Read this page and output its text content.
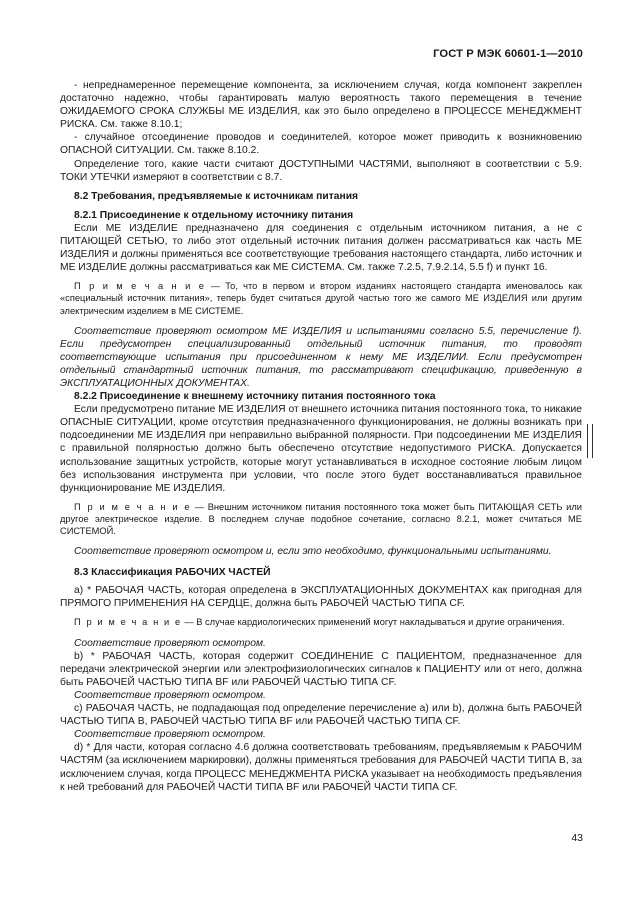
ГОСТ Р МЭК 60601-1—2010

- непреднамеренное перемещение компонента, за исключением случая, когда компонент закреплен достаточно надежно, чтобы гарантировать малую вероятность такого перемещения в течение ОЖИДАЕМОГО СРОКА СЛУЖБЫ МЕ ИЗДЕЛИЯ, как это было определено в ПРОЦЕССЕ МЕНЕДЖМЕНТ РИСКА. См. также 8.10.1;

- случайное отсоединение проводов и соединителей, которое может приводить к возникновению ОПАСНОЙ СИТУАЦИИ. См. также 8.10.2.

Определение того, какие части считают ДОСТУПНЫМИ ЧАСТЯМИ, выполняют в соответствии с 5.9. ТОКИ УТЕЧКИ измеряют в соответствии с 8.7.

8.2 Требования, предъявляемые к источникам питания

8.2.1 Присоединение к отдельному источнику питания

Если МЕ ИЗДЕЛИЕ предназначено для соединения с отдельным источником питания, а не с ПИТАЮЩЕЙ СЕТЬЮ, то либо этот отдельный источник питания должен рассматриваться как часть МЕ ИЗДЕЛИЯ и должны применяться все соответствующие требования настоящего стандарта, либо источник и МЕ ИЗДЕЛИЕ должны рассматриваться как МЕ СИСТЕМА. См. также 7.2.5, 7.9.2.14, 5.5 f) и пункт 16.

П р и м е ч а н и е — То, что в первом и втором изданиях настоящего стандарта именовалось как «специальный источник питания», теперь будет считаться другой частью того же самого МЕ ИЗДЕЛИЯ или другим электрическим изделием в МЕ СИСТЕМЕ.

Соответствие проверяют осмотром МЕ ИЗДЕЛИЯ и испытаниями согласно 5.5, перечисление f). Если предусмотрен специализированный отдельный источник питания, то проводят соответствующие испытания при присоединенном к нему МЕ ИЗДЕЛИИ. Если предусмотрен отдельный стандартный источник питания, то рассматривают спецификацию, приведенную в ЭКСПЛУАТАЦИОННЫХ ДОКУМЕНТАХ.

8.2.2 Присоединение к внешнему источнику питания постоянного тока

Если предусмотрено питание МЕ ИЗДЕЛИЯ от внешнего источника питания постоянного тока, то никакие ОПАСНЫЕ СИТУАЦИИ, кроме отсутствия предназначенного функционирования, не должны возникать при подсоединении МЕ ИЗДЕЛИЯ при неправильно выбранной полярности. При подсоединении МЕ ИЗДЕЛИЯ с правильной полярностью должно быть обеспечено отсутствие недопустимого РИСКА. Допускается использование защитных устройств, которые могут устанавливаться в исходное состояние любым лицом без использования инструмента при условии, что после этого будет восстанавливаться правильное функционирование МЕ ИЗДЕЛИЯ.

П р и м е ч а н и е — Внешним источником питания постоянного тока может быть ПИТАЮЩАЯ СЕТЬ или другое электрическое изделие. В последнем случае подобное сочетание, согласно 8.2.1, может считаться МЕ СИСТЕМОЙ.

Соответствие проверяют осмотром и, если это необходимо, функциональными испытаниями.

8.3 Классификация РАБОЧИХ ЧАСТЕЙ

a) * РАБОЧАЯ ЧАСТЬ, которая определена в ЭКСПЛУАТАЦИОННЫХ ДОКУМЕНТАХ как пригодная для ПРЯМОГО ПРИМЕНЕНИЯ НА СЕРДЦЕ, должна быть РАБОЧЕЙ ЧАСТЬЮ ТИПА CF.

П р и м е ч а н и е — В случае кардиологических применений могут накладываться и другие ограничения.

Соответствие проверяют осмотром.

b) * РАБОЧАЯ ЧАСТЬ, которая содержит СОЕДИНЕНИЕ С ПАЦИЕНТОМ, предназначенное для передачи электрической энергии или электрофизиологических сигналов к ПАЦИЕНТУ или от него, должна быть РАБОЧЕЙ ЧАСТЬЮ ТИПА BF или РАБОЧЕЙ ЧАСТЬЮ ТИПА CF.

Соответствие проверяют осмотром.

c) РАБОЧАЯ ЧАСТЬ, не подпадающая под определение перечисление a) или b), должна быть РАБОЧЕЙ ЧАСТЬЮ ТИПА В, РАБОЧЕЙ ЧАСТЬЮ ТИПА BF или РАБОЧЕЙ ЧАСТЬЮ ТИПА CF.

Соответствие проверяют осмотром.

d) * Для части, которая согласно 4.6 должна соответствовать требованиям, предъявляемым к РАБОЧИМ ЧАСТЯМ (за исключением маркировки), должны применяться требования для РАБОЧЕЙ ЧАСТИ ТИПА В, за исключением случая, когда ПРОЦЕСС МЕНЕДЖМЕНТА РИСКА указывает на необходимость предъявления к ней требований для РАБОЧЕЙ ЧАСТИ ТИПА BF или РАБОЧЕЙ ЧАСТИ ТИПА CF.

43
